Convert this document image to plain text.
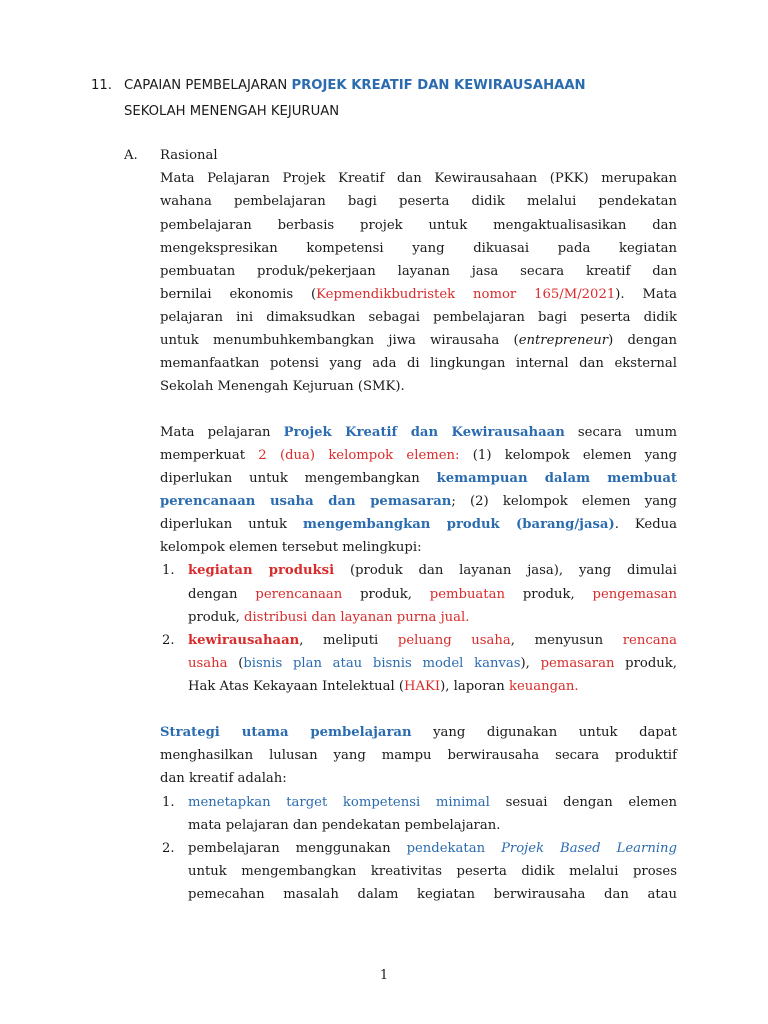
11. CAPAIAN PEMBELAJARAN PROJEK KREATIF DAN KEWIRAUSAHAAN
SEKOLAH MENENGAH KEJURUAN
A. Rasional
Mata Pelajaran Projek Kreatif dan Kewirausahaan (PKK) merupakan
wahana pembelajaran bagi peserta didik melalui pendekatan
pembelajaran berbasis projek untuk mengaktualisasikan dan
mengekspresikan kompetensi yang dikuasai pada kegiatan
pembuatan produk/pekerjaan layanan jasa secara kreatif dan
bernilai ekonomis (Kepmendikbudristek nomor 165/M/2021). Mata
pelajaran ini dimaksudkan sebagai pembelajaran bagi peserta didik
untuk menumbuhkembangkan jiwa wirausaha (entrepreneur) dengan
memanfaatkan potensi yang ada di lingkungan internal dan eksternal
Sekolah Menengah Kejuruan (SMK).
Mata pelajaran Projek Kreatif dan Kewirausahaan secara umum
memperkuat 2 (dua) kelompok elemen: (1) kelompok elemen yang
diperlukan untuk mengembangkan kemampuan dalam membuat
perencanaan usaha dan pemasaran; (2) kelompok elemen yang
diperlukan untuk mengembangkan produk (barang/jasa). Kedua
kelompok elemen tersebut melingkupi:
1. kegiatan produksi (produk dan layanan jasa), yang dimulai
dengan perencanaan produk, pembuatan produk, pengemasan
produk, distribusi dan layanan purna jual.
2. kewirausahaan, meliputi peluang usaha, menyusun rencana
usaha (bisnis plan atau bisnis model kanvas), pemasaran produk,
Hak Atas Kekayaan Intelektual (HAKI), laporan keuangan.
Strategi utama pembelajaran yang digunakan untuk dapat
menghasilkan lulusan yang mampu berwirausaha secara produktif
dan kreatif adalah:
1. menetapkan target kompetensi minimal sesuai dengan elemen
mata pelajaran dan pendekatan pembelajaran.
2. pembelajaran menggunakan pendekatan Projek Based Learning
untuk mengembangkan kreativitas peserta didik melalui proses
pemecahan masalah dalam kegiatan berwirausaha dan atau
1
